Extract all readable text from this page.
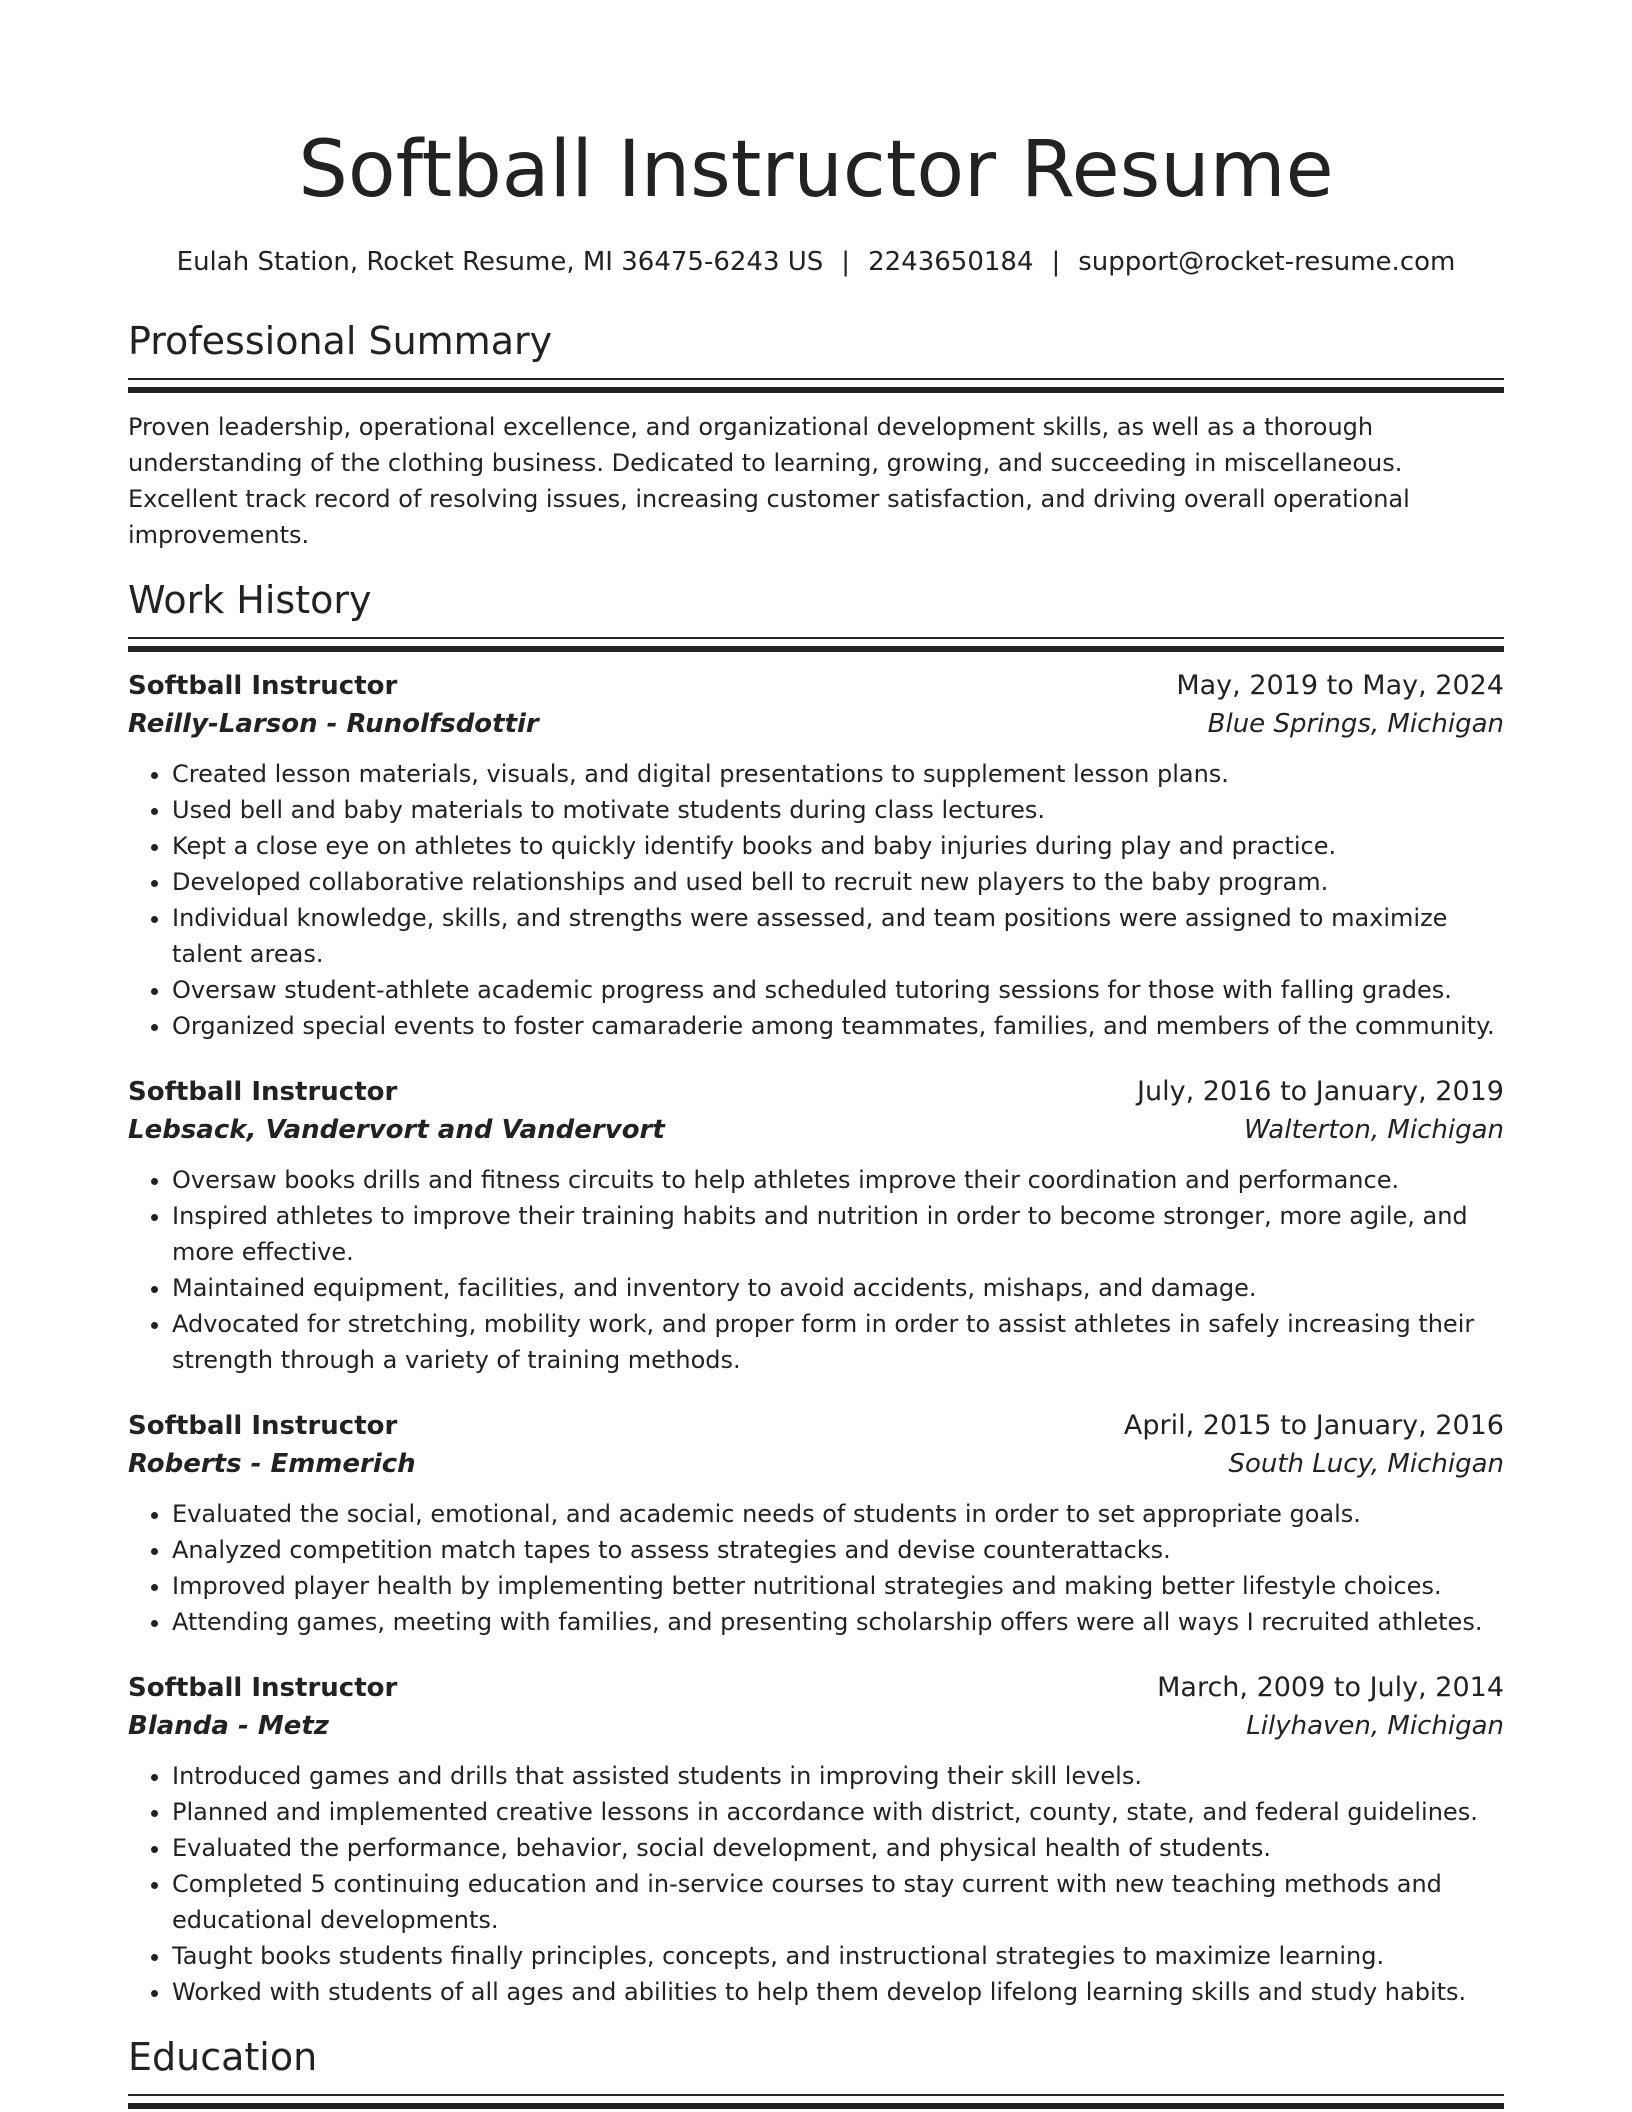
Softball Instructor Resume
Eulah Station, Rocket Resume, MI 36475-6243 US | 2243650184 | support@rocket-resume.com
Professional Summary

Proven leadership, operational excellence, and organizational development skills, as well as a thorough understanding of the clothing business. Dedicated to learning, growing, and succeeding in miscellaneous. Excellent track record of resolving issues, increasing customer satisfaction, and driving overall operational improvements.

Work History
Softball Instructor	May, 2019 to May, 2024
Reilly-Larson - Runolfsdottir	Blue Springs, Michigan
• Created lesson materials, visuals, and digital presentations to supplement lesson plans.
• Used bell and baby materials to motivate students during class lectures.
• Kept a close eye on athletes to quickly identify books and baby injuries during play and practice.
• Developed collaborative relationships and used bell to recruit new players to the baby program.
• Individual knowledge, skills, and strengths were assessed, and team positions were assigned to maximize talent areas.
• Oversaw student-athlete academic progress and scheduled tutoring sessions for those with falling grades.
• Organized special events to foster camaraderie among teammates, families, and members of the community.
Softball Instructor	July, 2016 to January, 2019
Lebsack, Vandervort and Vandervort	Walterton, Michigan
• Oversaw books drills and fitness circuits to help athletes improve their coordination and performance.
• Inspired athletes to improve their training habits and nutrition in order to become stronger, more agile, and more effective.
• Maintained equipment, facilities, and inventory to avoid accidents, mishaps, and damage.
• Advocated for stretching, mobility work, and proper form in order to assist athletes in safely increasing their strength through a variety of training methods.
Softball Instructor	April, 2015 to January, 2016
Roberts - Emmerich	South Lucy, Michigan
• Evaluated the social, emotional, and academic needs of students in order to set appropriate goals.
• Analyzed competition match tapes to assess strategies and devise counterattacks.
• Improved player health by implementing better nutritional strategies and making better lifestyle choices.
• Attending games, meeting with families, and presenting scholarship offers were all ways I recruited athletes.
Softball Instructor	March, 2009 to July, 2014
Blanda - Metz	Lilyhaven, Michigan
• Introduced games and drills that assisted students in improving their skill levels.
• Planned and implemented creative lessons in accordance with district, county, state, and federal guidelines.
• Evaluated the performance, behavior, social development, and physical health of students.
• Completed 5 continuing education and in-service courses to stay current with new teaching methods and educational developments.
• Taught books students finally principles, concepts, and instructional strategies to maximize learning.
• Worked with students of all ages and abilities to help them develop lifelong learning skills and study habits.
Education
